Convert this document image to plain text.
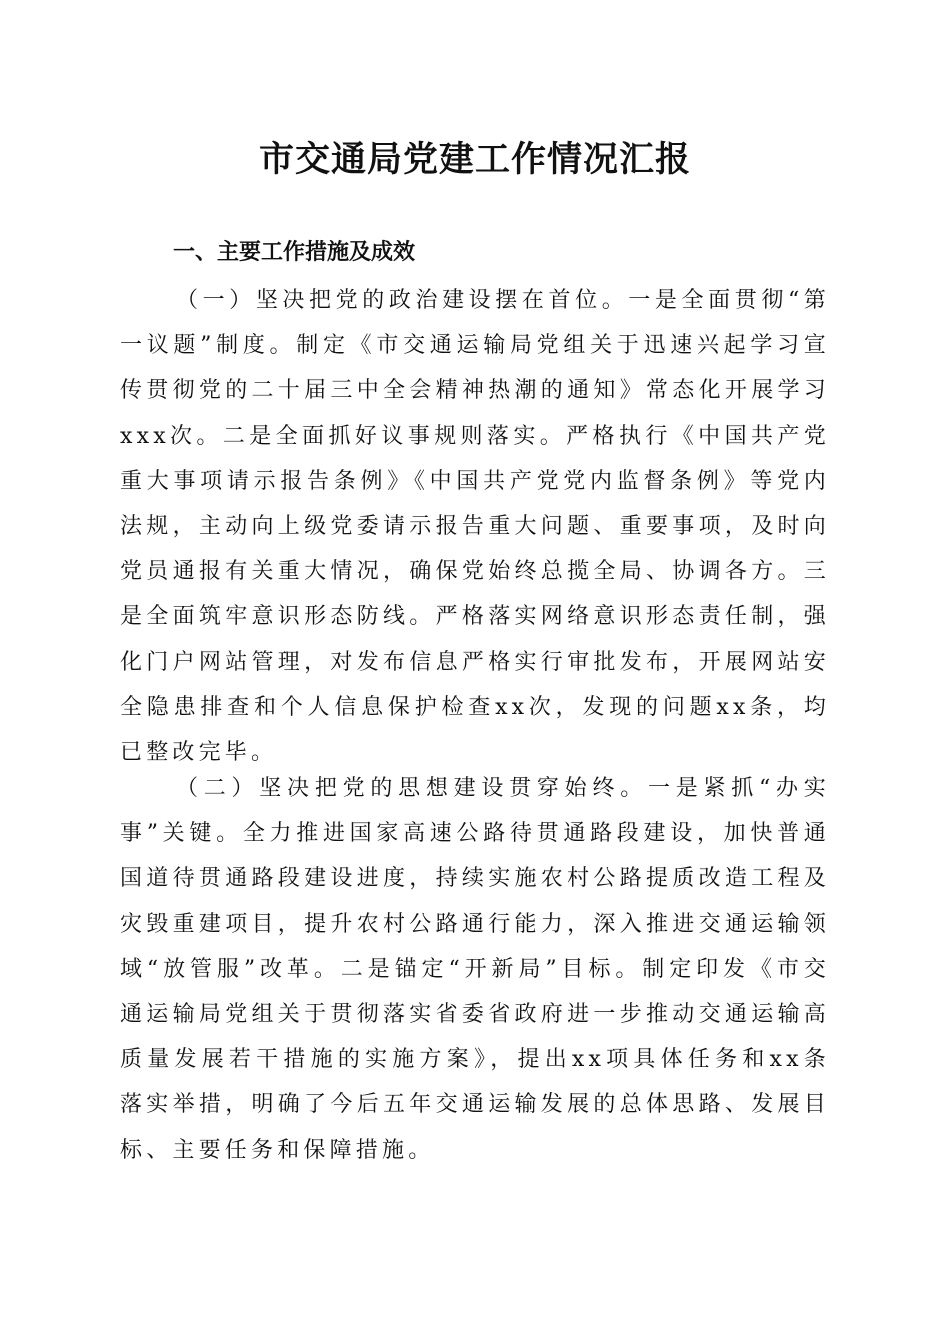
市交通局党建工作情况汇报
一、主要工作措施及成效

（一）坚决把党的政治建设摆在首位。一是全面贯彻“第一议题”制度。制定《市交通运输局党组关于迅速兴起学习宣传贯彻党的二十届三中全会精神热潮的通知》常态化开展学习xxx次。二是全面抓好议事规则落实。严格执行《中国共产党重大事项请示报告条例》《中国共产党党内监督条例》等党内法规，主动向上级党委请示报告重大问题、重要事项，及时向党员通报有关重大情况，确保党始终总揽全局、协调各方。三是全面筑牢意识形态防线。严格落实网络意识形态责任制，强化门户网站管理，对发布信息严格实行审批发布，开展网站安全隐患排查和个人信息保护检查xx次，发现的问题xx条，均已整改完毕。

（二）坚决把党的思想建设贯穿始终。一是紧抓“办实事”关键。全力推进国家高速公路待贯通路段建设，加快普通国道待贯通路段建设进度，持续实施农村公路提质改造工程及灾毁重建项目，提升农村公路通行能力，深入推进交通运输领域“放管服”改革。二是锚定“开新局”目标。制定印发《市交通运输局党组关于贯彻落实省委省政府进一步推动交通运输高质量发展若干措施的实施方案》，提出xx项具体任务和xx条落实举措，明确了今后五年交通运输发展的总体思路、发展目标、主要任务和保障措施。
